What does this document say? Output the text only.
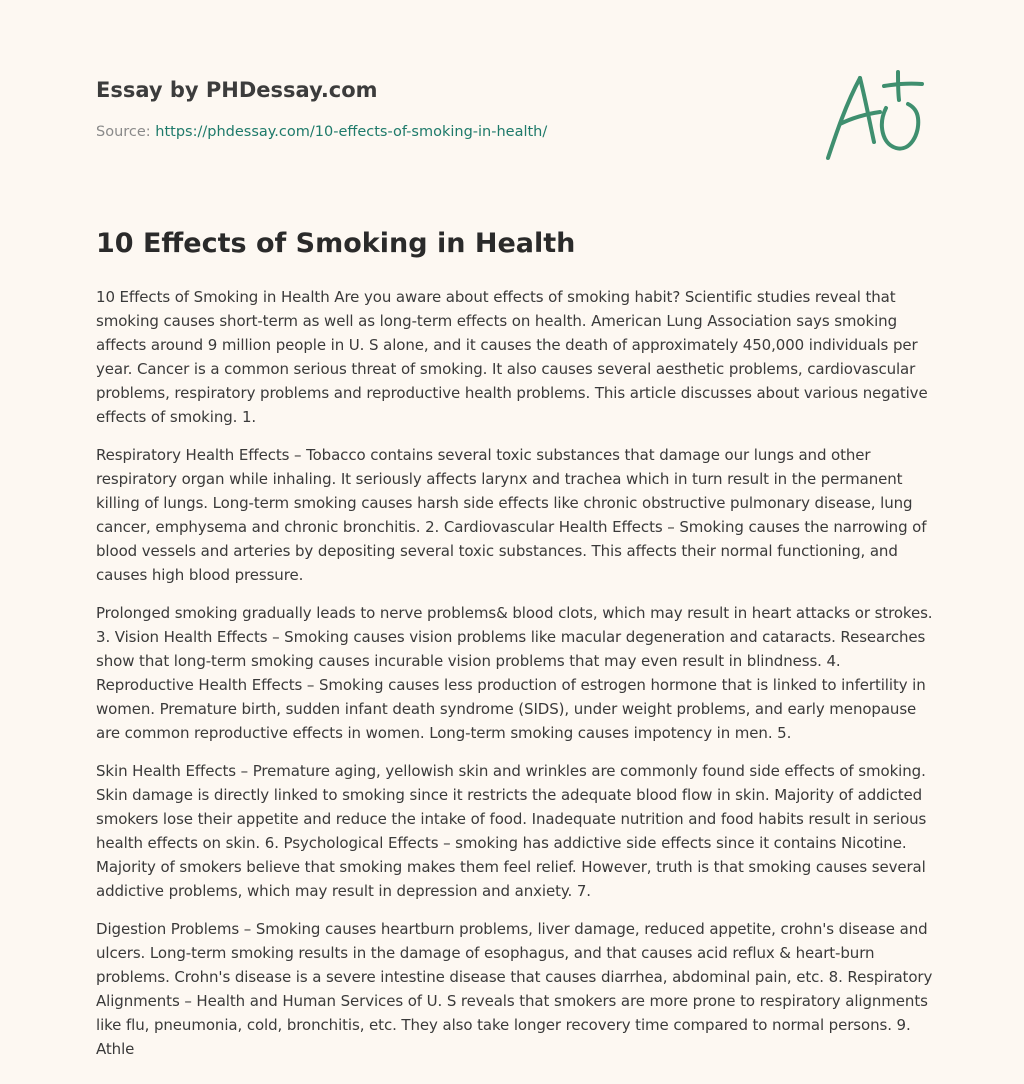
Essay by PHDessay.com
Source: https://phdessay.com/10-effects-of-smoking-in-health/
10 Effects of Smoking in Health

10 Effects of Smoking in Health Are you aware about effects of smoking habit? Scientific studies reveal that smoking causes short-term as well as long-term effects on health. American Lung Association says smoking affects around 9 million people in U. S alone, and it causes the death of approximately 450,000 individuals per year. Cancer is a common serious threat of smoking. It also causes several aesthetic problems, cardiovascular problems, respiratory problems and reproductive health problems. This article discusses about various negative effects of smoking. 1.

Respiratory Health Effects – Tobacco contains several toxic substances that damage our lungs and other respiratory organ while inhaling. It seriously affects larynx and trachea which in turn result in the permanent killing of lungs. Long-term smoking causes harsh side effects like chronic obstructive pulmonary disease, lung cancer, emphysema and chronic bronchitis. 2. Cardiovascular Health Effects – Smoking causes the narrowing of blood vessels and arteries by depositing several toxic substances. This affects their normal functioning, and causes high blood pressure.

Prolonged smoking gradually leads to nerve problems& blood clots, which may result in heart attacks or strokes. 3. Vision Health Effects – Smoking causes vision problems like macular degeneration and cataracts. Researches show that long-term smoking causes incurable vision problems that may even result in blindness. 4. Reproductive Health Effects – Smoking causes less production of estrogen hormone that is linked to infertility in women. Premature birth, sudden infant death syndrome (SIDS), under weight problems, and early menopause are common reproductive effects in women. Long-term smoking causes impotency in men. 5.

Skin Health Effects – Premature aging, yellowish skin and wrinkles are commonly found side effects of smoking. Skin damage is directly linked to smoking since it restricts the adequate blood flow in skin. Majority of addicted smokers lose their appetite and reduce the intake of food. Inadequate nutrition and food habits result in serious health effects on skin. 6. Psychological Effects – smoking has addictive side effects since it contains Nicotine. Majority of smokers believe that smoking makes them feel relief. However, truth is that smoking causes several addictive problems, which may result in depression and anxiety. 7.

Digestion Problems – Smoking causes heartburn problems, liver damage, reduced appetite, crohn's disease and ulcers. Long-term smoking results in the damage of esophagus, and that causes acid reflux & heart-burn problems. Crohn's disease is a severe intestine disease that causes diarrhea, abdominal pain, etc. 8. Respiratory Alignments – Health and Human Services of U. S reveals that smokers are more prone to respiratory alignments like flu, pneumonia, cold, bronchitis, etc. They also take longer recovery time compared to normal persons. 9. Athle
